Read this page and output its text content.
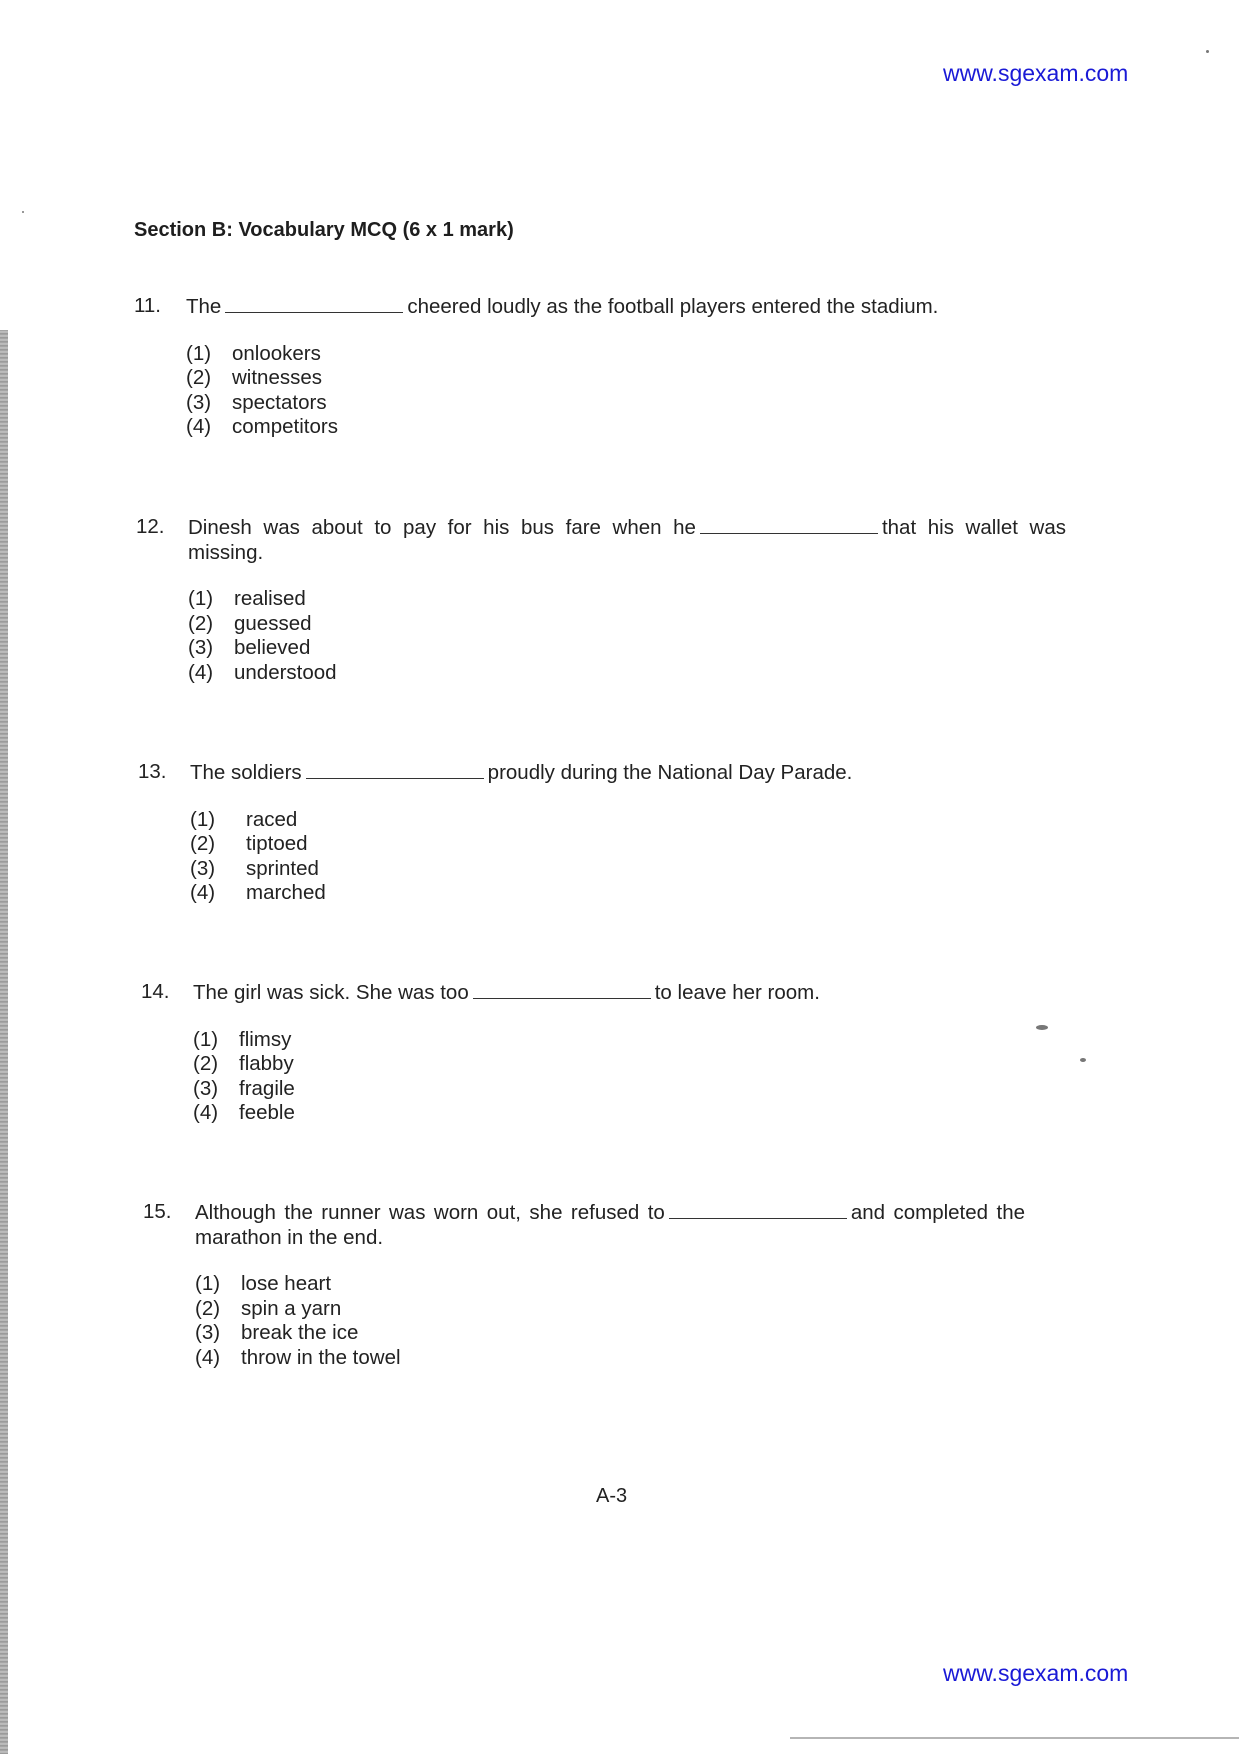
www.sgexam.com
Section B: Vocabulary MCQ (6 x 1 mark)
11. The	cheered loudly as the football players entered the stadium.
(1) onlookers
(2) witnesses
(3) spectators
(4) competitors
12. Dinesh was about to pay for his bus fare when he	that his wallet was missing.
(1) realised
(2) guessed
(3) believed
(4) understood
13. The soldiers	proudly during the National Day Parade.
(1) raced
(2) tiptoed
(3) sprinted
(4) marched
14. The girl was sick. She was too	to leave her room.
(1) flimsy
(2) flabby
(3) fragile
(4) feeble
15. Although the runner was worn out, she refused to	and completed the marathon in the end.
(1) lose heart
(2) spin a yarn
(3) break the ice
(4) throw in the towel
A-3
www.sgexam.com
